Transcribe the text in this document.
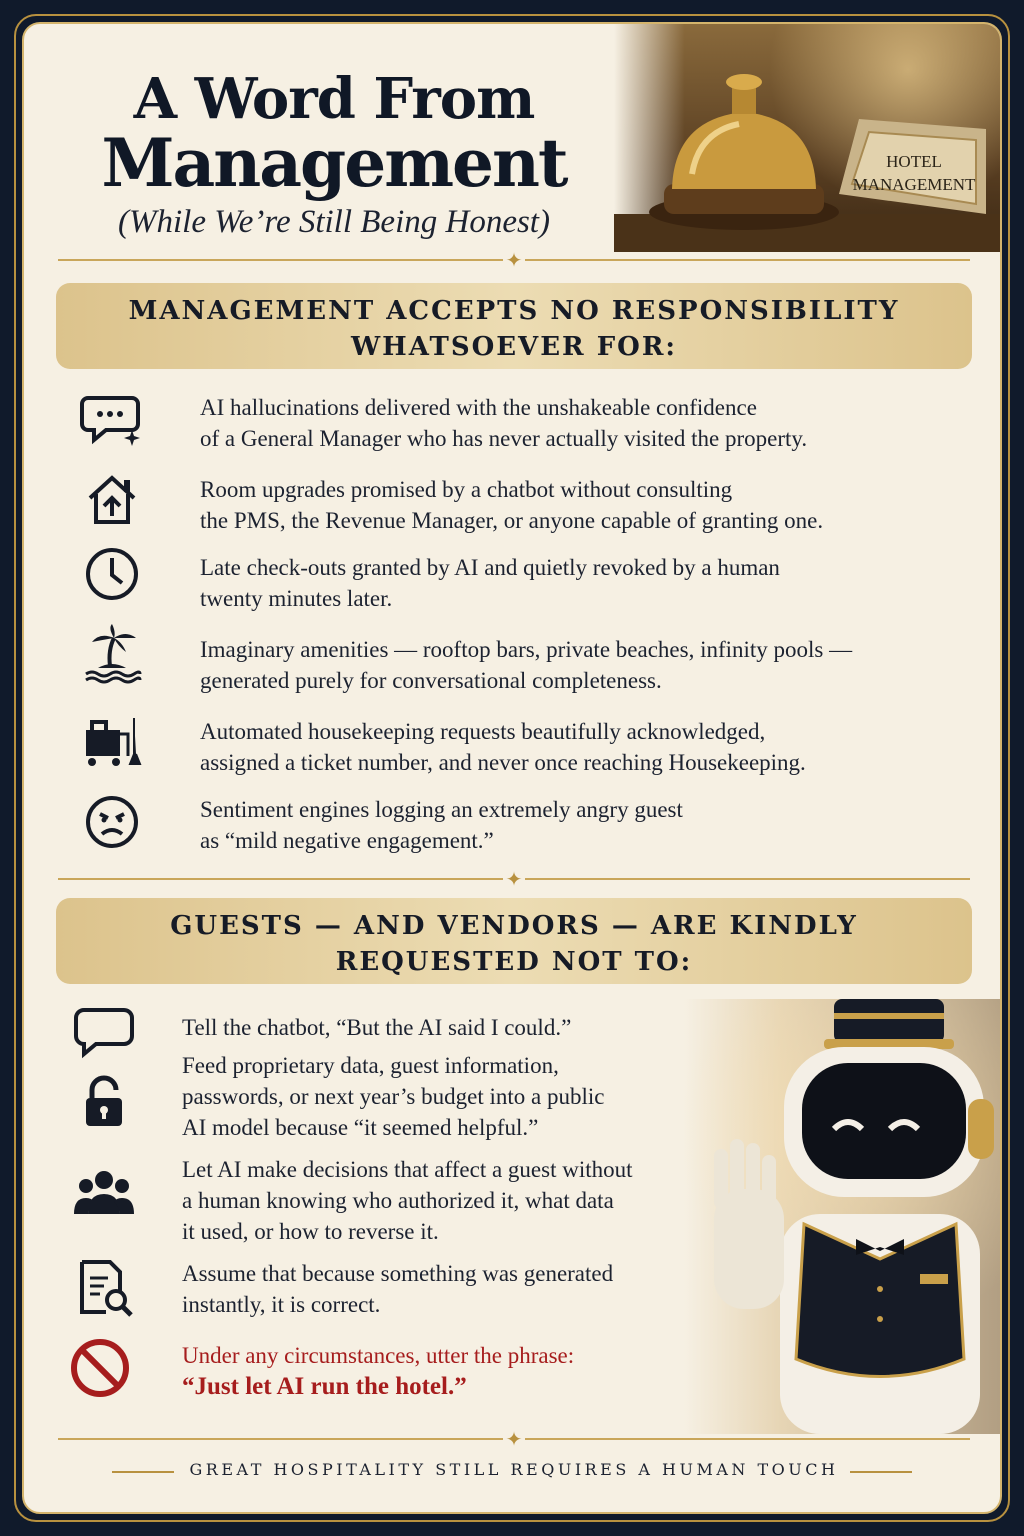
HOTEL
MANAGEMENT
A Word From
Management
(While We’re Still Being Honest)
✦
MANAGEMENT ACCEPTS NO RESPONSIBILITY
WHATSOEVER FOR:
AI hallucinations delivered with the unshakeable confidence
of a General Manager who has never actually visited the property.
Room upgrades promised by a chatbot without consulting
the PMS, the Revenue Manager, or anyone capable of granting one.
Late check-outs granted by AI and quietly revoked by a human
twenty minutes later.
Imaginary amenities — rooftop bars, private beaches, infinity pools —
generated purely for conversational completeness.
Automated housekeeping requests beautifully acknowledged,
assigned a ticket number, and never once reaching Housekeeping.
Sentiment engines logging an extremely angry guest
as “mild negative engagement.”
✦
GUESTS — AND VENDORS — ARE KINDLY
REQUESTED NOT TO:
Tell the chatbot, “But the AI said I could.”
Feed proprietary data, guest information,
passwords, or next year’s budget into a public
AI model because “it seemed helpful.”
Let AI make decisions that affect a guest without
a human knowing who authorized it, what data
it used, or how to reverse it.
Assume that because something was generated
instantly, it is correct.
Under any circumstances, utter the phrase:
“Just let AI run the hotel.”
✦
GREAT HOSPITALITY STILL REQUIRES A HUMAN TOUCH
